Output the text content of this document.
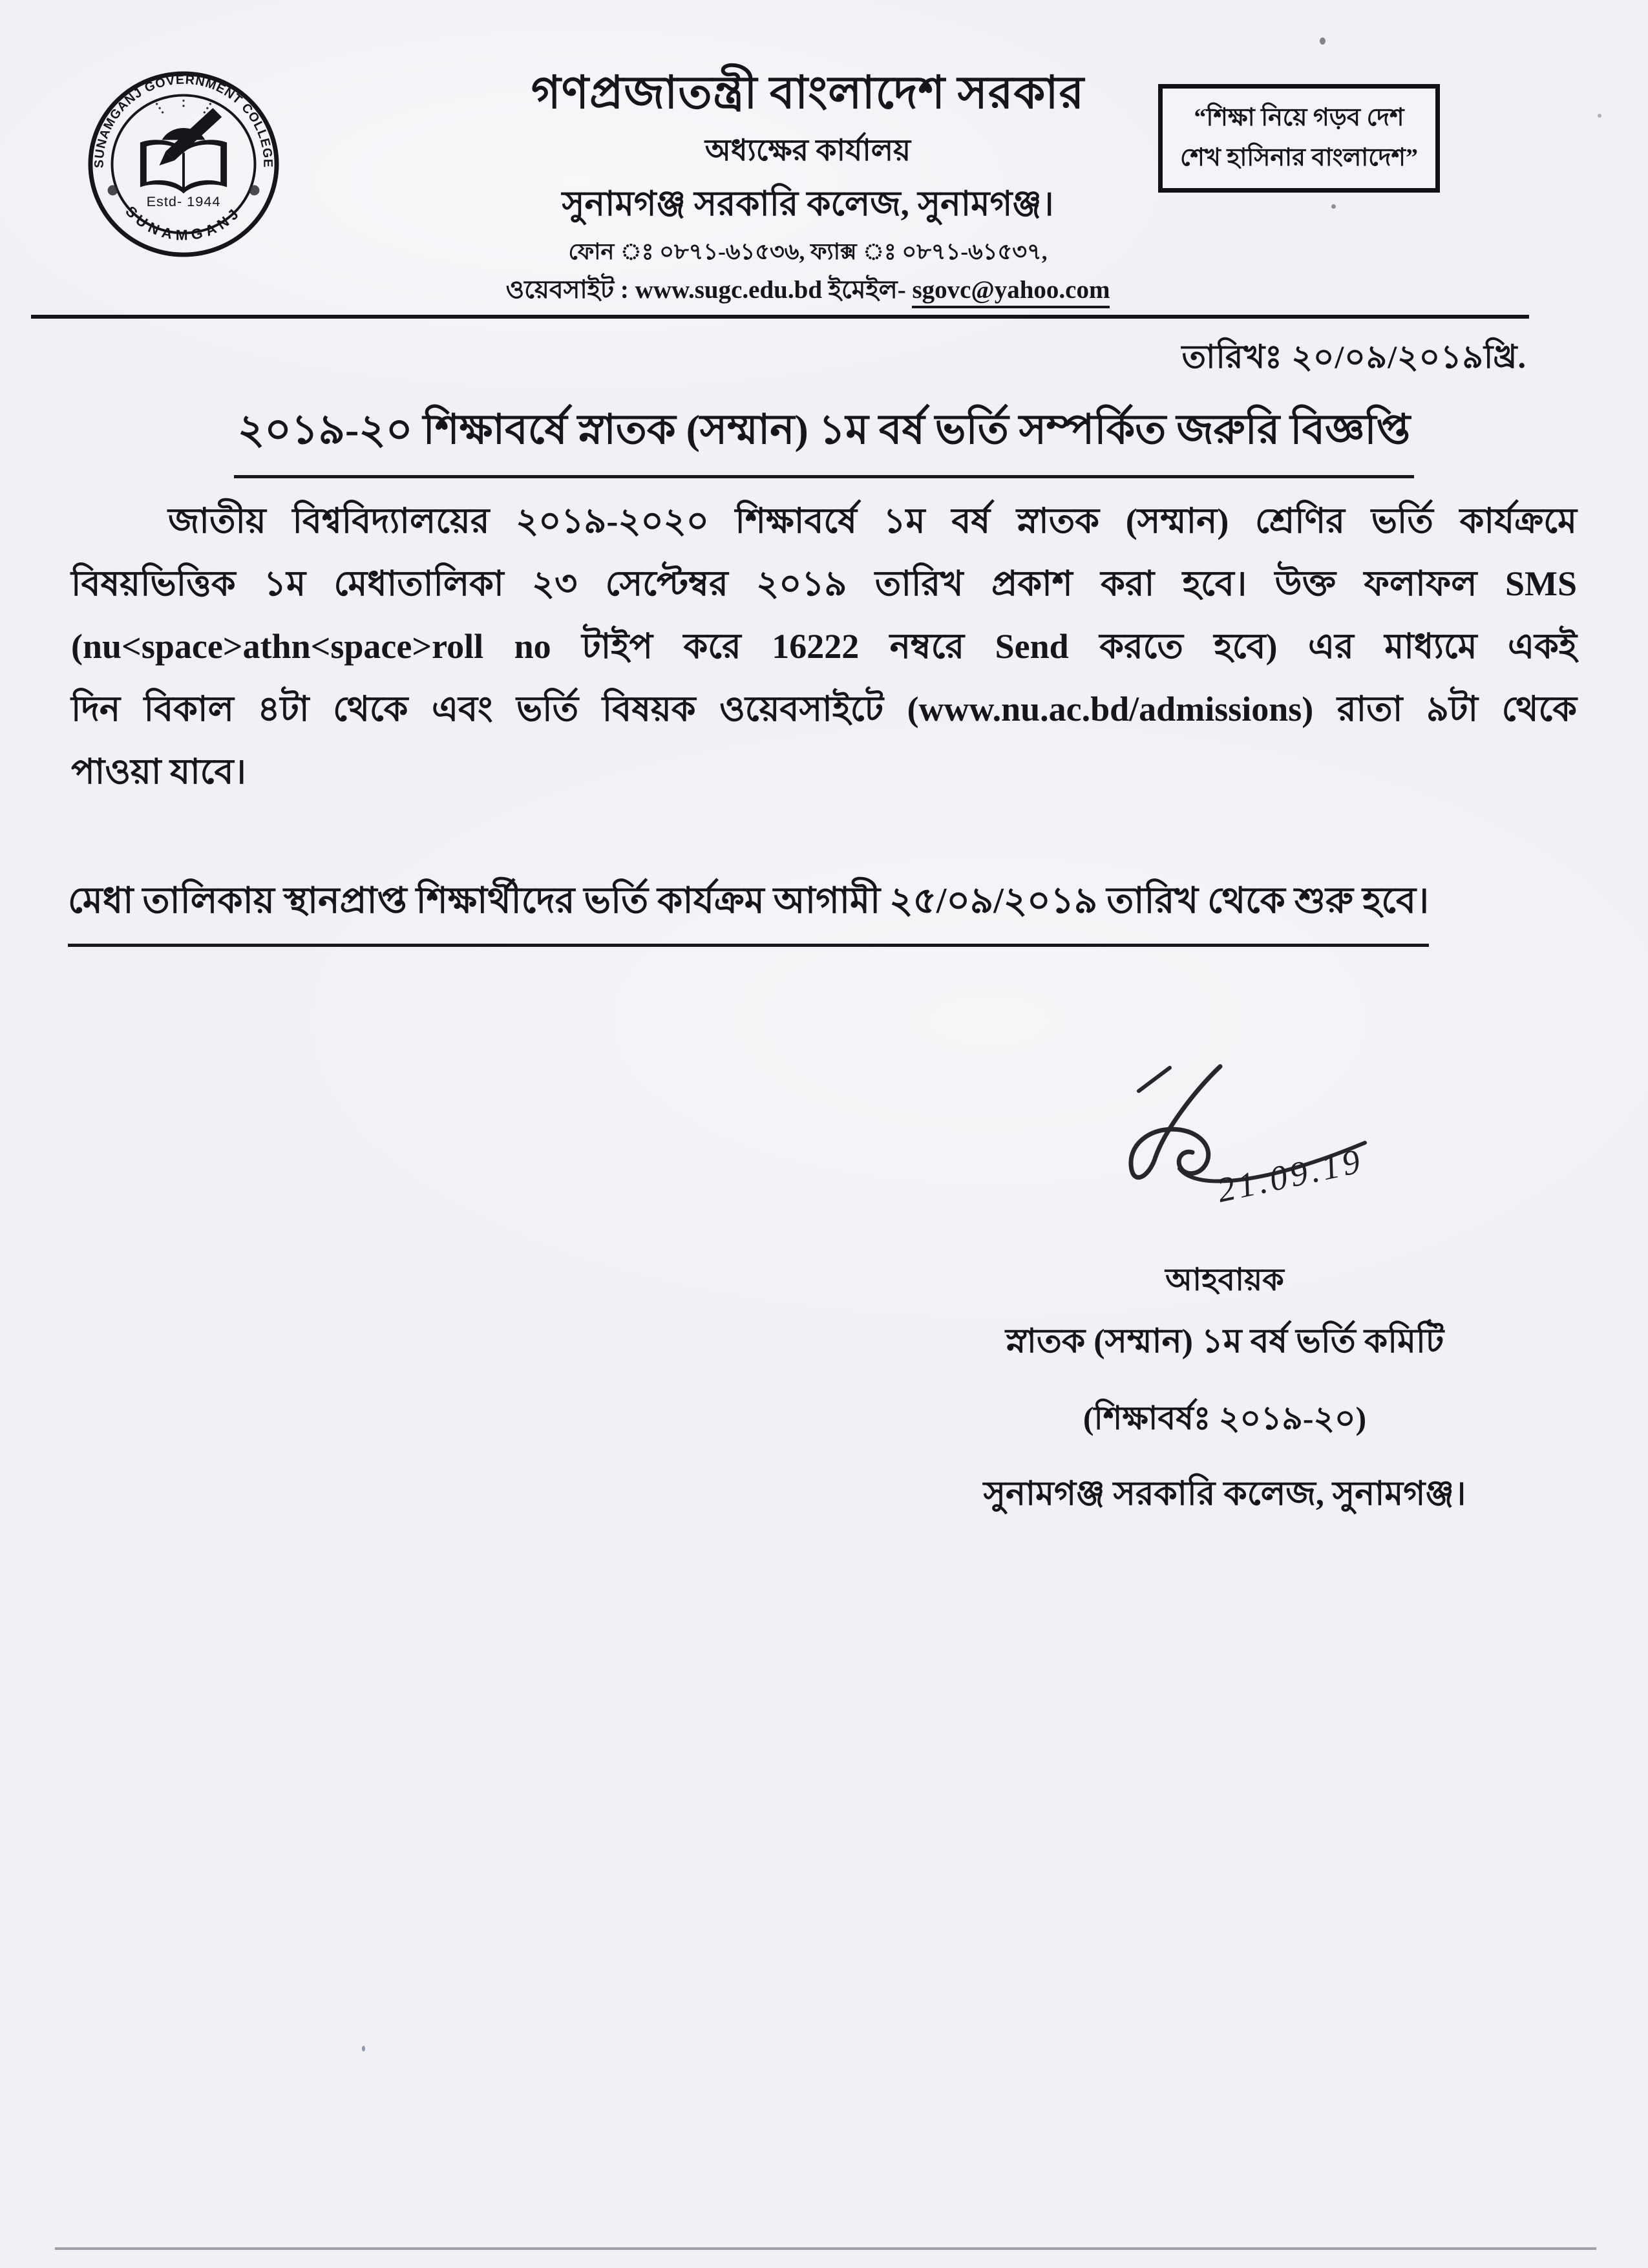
SUNAMGANJ GOVERNMENT COLLEGE
SUNAMGANJ
Estd- 1944
গণপ্রজাতন্ত্রী বাংলাদেশ সরকার
অধ্যক্ষের কার্যালয়
সুনামগঞ্জ সরকারি কলেজ, সুনামগঞ্জ।
ফোন ঃ ০৮৭১-৬১৫৩৬, ফ্যাক্স ঃ ০৮৭১-৬১৫৩৭,
ওয়েবসাইট : www.sugc.edu.bd ইমেইল- sgovc@yahoo.com
“শিক্ষা নিয়ে গড়ব দেশ
শেখ হাসিনার বাংলাদেশ”
তারিখঃ ২০/০৯/২০১৯খ্রি.
২০১৯-২০ শিক্ষাবর্ষে স্নাতক (সম্মান) ১ম বর্ষ ভর্তি সম্পর্কিত জরুরি বিজ্ঞপ্তি
জাতীয় বিশ্ববিদ্যালয়ের ২০১৯-২০২০ শিক্ষাবর্ষে ১ম বর্ষ স্নাতক (সম্মান) শ্রেণির ভর্তি কার্যক্রমে
বিষয়ভিত্তিক ১ম মেধাতালিকা ২৩ সেপ্টেম্বর ২০১৯ তারিখ প্রকাশ করা হবে। উক্ত ফলাফল SMS
(nu<space>athn<space>roll no টাইপ করে 16222 নম্বরে Send করতে হবে) এর মাধ্যমে একই
দিন বিকাল ৪টা থেকে এবং ভর্তি বিষয়ক ওয়েবসাইটে (www.nu.ac.bd/admissions) রাতা ৯টা থেকে
পাওয়া যাবে।
মেধা তালিকায় স্থানপ্রাপ্ত শিক্ষার্থীদের ভর্তি কার্যক্রম আগামী ২৫/০৯/২০১৯ তারিখ থেকে শুরু হবে।
21.09.19
আহবায়ক
স্নাতক (সম্মান) ১ম বর্ষ ভর্তি কমিটি
(শিক্ষাবর্ষঃ ২০১৯-২০)
সুনামগঞ্জ সরকারি কলেজ, সুনামগঞ্জ।
